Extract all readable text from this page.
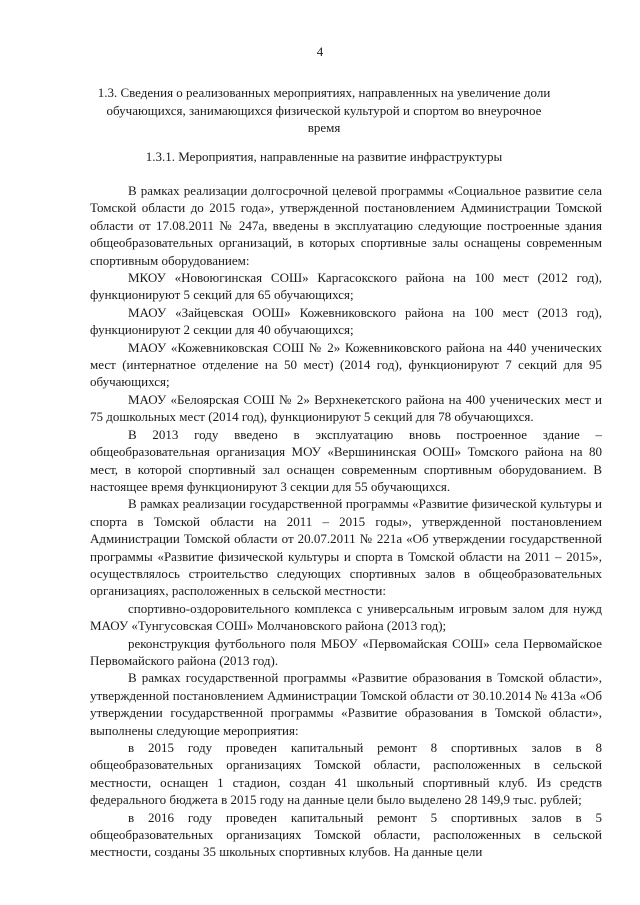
4
1.3. Сведения о реализованных мероприятиях, направленных на увеличение доли обучающихся, занимающихся физической культурой и спортом во внеурочное время
1.3.1. Мероприятия, направленные на развитие инфраструктуры

В рамках реализации долгосрочной целевой программы «Социальное развитие села Томской области до 2015 года», утвержденной постановлением Администрации Томской области от 17.08.2011 № 247а, введены в эксплуатацию следующие построенные здания общеобразовательных организаций, в которых спортивные залы оснащены современным спортивным оборудованием:

МКОУ «Новоюгинская СОШ» Каргасокского района на 100 мест (2012 год), функционируют 5 секций для 65 обучающихся;

МАОУ «Зайцевская ООШ» Кожевниковского района на 100 мест (2013 год), функционируют 2 секции для 40 обучающихся;

МАОУ «Кожевниковская СОШ № 2» Кожевниковского района на 440 ученических мест (интернатное отделение на 50 мест) (2014 год), функционируют 7 секций для 95 обучающихся;

МАОУ «Белоярская СОШ № 2» Верхнекетского района на 400 ученических мест и 75 дошкольных мест (2014 год), функционируют 5 секций для 78 обучающихся.

В 2013 году введено в эксплуатацию вновь построенное здание – общеобразовательная организация МОУ «Вершининская ООШ» Томского района на 80 мест, в которой спортивный зал оснащен современным спортивным оборудованием. В настоящее время функционируют 3 секции для 55 обучающихся.

В рамках реализации государственной программы «Развитие физической культуры и спорта в Томской области на 2011 – 2015 годы», утвержденной постановлением Администрации Томской области от 20.07.2011 № 221а «Об утверждении государственной программы «Развитие физической культуры и спорта в Томской области на 2011 – 2015», осуществлялось строительство следующих спортивных залов в общеобразовательных организациях, расположенных в сельской местности:

спортивно-оздоровительного комплекса с универсальным игровым залом для нужд МАОУ «Тунгусовская СОШ» Молчановского района (2013 год);

реконструкция футбольного поля МБОУ «Первомайская СОШ» села Первомайское Первомайского района (2013 год).

В рамках государственной программы «Развитие образования в Томской области», утвержденной постановлением Администрации Томской области от 30.10.2014 № 413а «Об утверждении государственной программы «Развитие образования в Томской области», выполнены следующие мероприятия:

в 2015 году проведен капитальный ремонт 8 спортивных залов в 8 общеобразовательных организациях Томской области, расположенных в сельской местности, оснащен 1 стадион, создан 41 школьный спортивный клуб. Из средств федерального бюджета в 2015 году на данные цели было выделено 28 149,9 тыс. рублей;

в 2016 году проведен капитальный ремонт 5 спортивных залов в 5 общеобразовательных организациях Томской области, расположенных в сельской местности, созданы 35 школьных спортивных клубов. На данные цели
